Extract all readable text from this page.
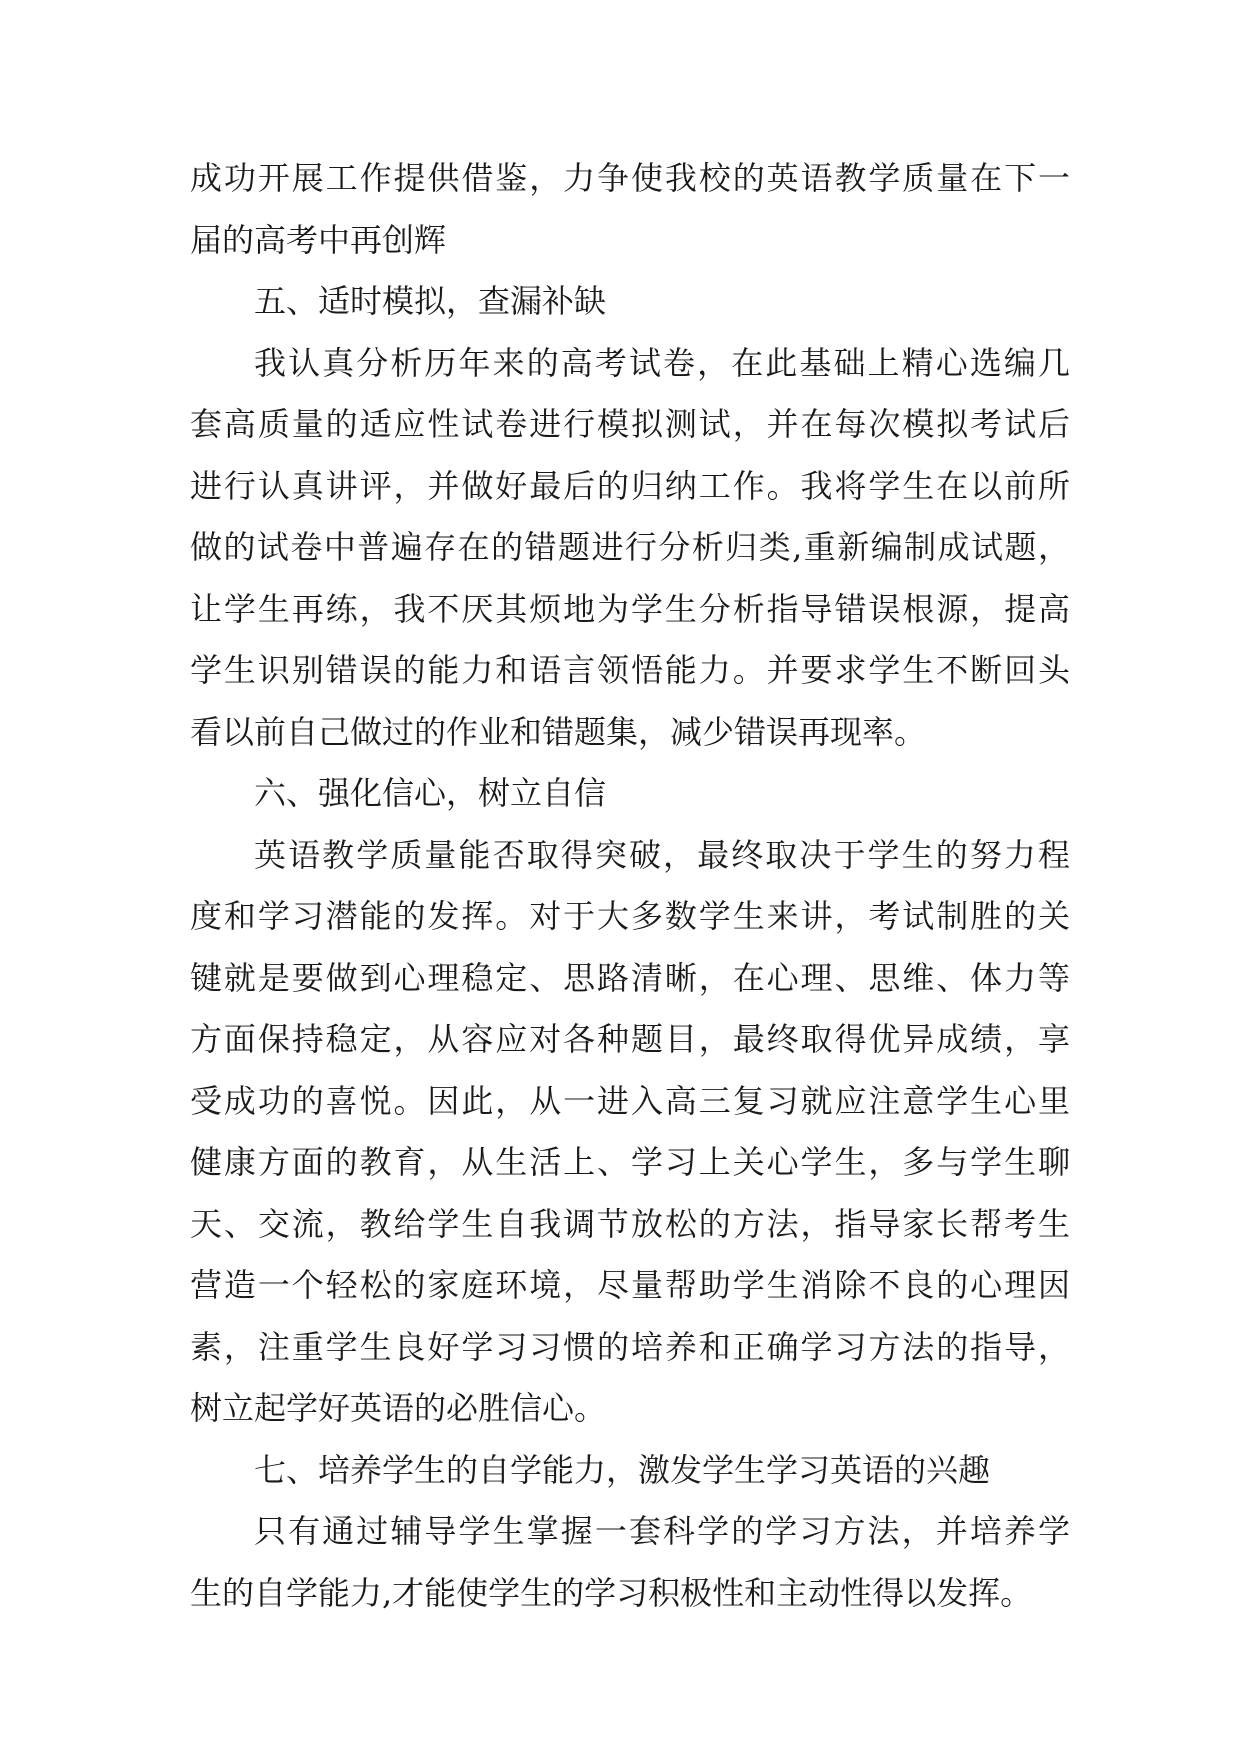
成功开展工作提供借鉴，力争使我校的英语教学质量在下一
届的高考中再创辉
五、适时模拟，查漏补缺
我认真分析历年来的高考试卷，在此基础上精心选编几
套高质量的适应性试卷进行模拟测试，并在每次模拟考试后
进行认真讲评，并做好最后的归纳工作。我将学生在以前所
做的试卷中普遍存在的错题进行分析归类,重新编制成试题，
让学生再练，我不厌其烦地为学生分析指导错误根源，提高
学生识别错误的能力和语言领悟能力。并要求学生不断回头
看以前自己做过的作业和错题集，减少错误再现率。
六、强化信心，树立自信
英语教学质量能否取得突破，最终取决于学生的努力程
度和学习潜能的发挥。对于大多数学生来讲，考试制胜的关
键就是要做到心理稳定、思路清晰，在心理、思维、体力等
方面保持稳定，从容应对各种题目，最终取得优异成绩，享
受成功的喜悦。因此，从一进入高三复习就应注意学生心里
健康方面的教育，从生活上、学习上关心学生，多与学生聊
天、交流，教给学生自我调节放松的方法，指导家长帮考生
营造一个轻松的家庭环境，尽量帮助学生消除不良的心理因
素，注重学生良好学习习惯的培养和正确学习方法的指导，
树立起学好英语的必胜信心。
七、培养学生的自学能力，激发学生学习英语的兴趣
只有通过辅导学生掌握一套科学的学习方法，并培养学
生的自学能力,才能使学生的学习积极性和主动性得以发挥。
